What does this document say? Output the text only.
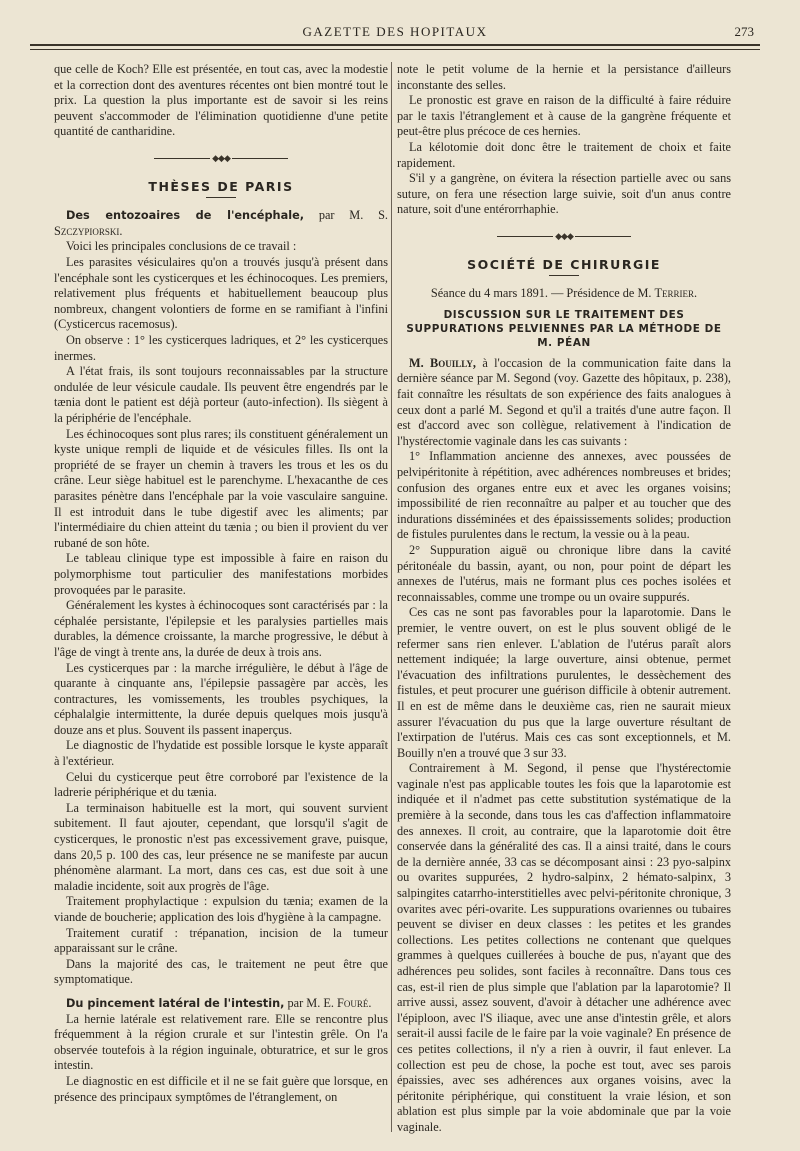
GAZETTE DES HOPITAUX	273

que celle de Koch? Elle est présentée, en tout cas, avec la modestie et la correction dont des aventures récentes ont bien montré tout le prix. La question la plus importante est de savoir si les reins peuvent s'accommoder de l'élimination quotidienne d'une petite quantité de cantharidine.

◆◆◆
THÈSES DE PARIS

Des entozoaires de l'encéphale, par M. S. Szczypiorski.

Voici les principales conclusions de ce travail :

Les parasites vésiculaires qu'on a trouvés jusqu'à présent dans l'encéphale sont les cysticerques et les échinocoques. Les premiers, relativement plus fréquents et habituellement beaucoup plus nombreux, changent volontiers de forme en se ramifiant à l'infini (Cysticercus racemosus).

On observe : 1° les cysticerques ladriques, et 2° les cysticerques inermes.

A l'état frais, ils sont toujours reconnaissables par la structure ondulée de leur vésicule caudale. Ils peuvent être engendrés par le tænia dont le patient est déjà porteur (auto-infection). Ils siègent à la périphérie de l'encéphale.

Les échinocoques sont plus rares; ils constituent généralement un kyste unique rempli de liquide et de vésicules filles. Ils ont la propriété de se frayer un chemin à travers les trous et les os du crâne. Leur siège habituel est le parenchyme. L'hexacanthe de ces parasites pénètre dans l'encéphale par la voie vasculaire sanguine. Il est introduit dans le tube digestif avec les aliments; par l'intermédiaire du chien atteint du tænia ; ou bien il provient du ver rubané de son hôte.

Le tableau clinique type est impossible à faire en raison du polymorphisme tout particulier des manifestations morbides provoquées par le parasite.

Généralement les kystes à échinocoques sont caractérisés par : la céphalée persistante, l'épilepsie et les paralysies partielles mais durables, la démence croissante, la marche progressive, le début à l'âge de vingt à trente ans, la durée de deux à trois ans.

Les cysticerques par : la marche irrégulière, le début à l'âge de quarante à cinquante ans, l'épilepsie passagère par accès, les contractures, les vomissements, les troubles psychiques, la céphalalgie intermittente, la durée depuis quelques mois jusqu'à douze ans et plus. Souvent ils passent inaperçus.

Le diagnostic de l'hydatide est possible lorsque le kyste apparaît à l'extérieur.

Celui du cysticerque peut être corroboré par l'existence de la ladrerie périphérique et du tænia.

La terminaison habituelle est la mort, qui souvent survient subitement. Il faut ajouter, cependant, que lorsqu'il s'agit de cysticerques, le pronostic n'est pas excessivement grave, puisque, dans 20,5 p. 100 des cas, leur présence ne se manifeste par aucun phénomène alarmant. La mort, dans ces cas, est due soit à une maladie incidente, soit aux progrès de l'âge.

Traitement prophylactique : expulsion du tænia; examen de la viande de boucherie; application des lois d'hygiène à la campagne.

Traitement curatif : trépanation, incision de la tumeur apparaissant sur le crâne.

Dans la majorité des cas, le traitement ne peut être que symptomatique.

Du pincement latéral de l'intestin, par M. E. Fouré.

La hernie latérale est relativement rare. Elle se rencontre plus fréquemment à la région crurale et sur l'intestin grêle. On l'a observée toutefois à la région inguinale, obturatrice, et sur le gros intestin.

Le diagnostic en est difficile et il ne se fait guère que lorsque, en présence des principaux symptômes de l'étranglement, on

note le petit volume de la hernie et la persistance d'ailleurs inconstante des selles.

Le pronostic est grave en raison de la difficulté à faire réduire par le taxis l'étranglement et à cause de la gangrène fréquente et peut-être plus précoce de ces hernies.

La kélotomie doit donc être le traitement de choix et faite rapidement.

S'il y a gangrène, on évitera la résection partielle avec ou sans suture, on fera une résection large suivie, soit d'un anus contre nature, soit d'une entérorrhaphie.

◆◆◆
SOCIÉTÉ DE CHIRURGIE
Séance du 4 mars 1891. — Présidence de M. Terrier.
DISCUSSION SUR LE TRAITEMENT DES SUPPURATIONS PELVIENNES PAR LA MÉTHODE DE M. PÉAN

M. Bouilly, à l'occasion de la communication faite dans la dernière séance par M. Segond (voy. Gazette des hôpitaux, p. 238), fait connaître les résultats de son expérience des faits analogues à ceux dont a parlé M. Segond et qu'il a traités d'une autre façon. Il est d'accord avec son collègue, relativement à l'indication de l'hystérectomie vaginale dans les cas suivants :

1° Inflammation ancienne des annexes, avec poussées de pelvipéritonite à répétition, avec adhérences nombreuses et brides; confusion des organes entre eux et avec les organes voisins; impossibilité de rien reconnaître au palper et au toucher que des indurations disséminées et des épaississements solides; production de fistules purulentes dans le rectum, la vessie ou à la peau.

2° Suppuration aiguë ou chronique libre dans la cavité péritonéale du bassin, ayant, ou non, pour point de départ les annexes de l'utérus, mais ne formant plus ces poches isolées et reconnaissables, comme une trompe ou un ovaire suppurés.

Ces cas ne sont pas favorables pour la laparotomie. Dans le premier, le ventre ouvert, on est le plus souvent obligé de le refermer sans rien enlever. L'ablation de l'utérus paraît alors nettement indiquée; la large ouverture, ainsi obtenue, permet l'évacuation des infiltrations purulentes, le dessèchement des fistules, et peut procurer une guérison difficile à obtenir autrement. Il en est de même dans le deuxième cas, rien ne saurait mieux assurer l'évacuation du pus que la large ouverture résultant de l'extirpation de l'utérus. Mais ces cas sont exceptionnels, et M. Bouilly n'en a trouvé que 3 sur 33.

Contrairement à M. Segond, il pense que l'hystérectomie vaginale n'est pas applicable toutes les fois que la laparotomie est indiquée et il n'admet pas cette substitution systématique de la première à la seconde, dans tous les cas d'affection inflammatoire des annexes. Il croit, au contraire, que la laparotomie doit être conservée dans la généralité des cas. Il a ainsi traité, dans le cours de la dernière année, 33 cas se décomposant ainsi : 23 pyo-salpinx ou ovarites suppurées, 2 hydro-salpinx, 2 hémato-salpinx, 3 salpingites catarrho-interstitielles avec pelvi-péritonite chronique, 3 ovarites avec péri-ovarite. Les suppurations ovariennes ou tubaires peuvent se diviser en deux classes : les petites et les grandes collections. Les petites collections ne contenant que quelques grammes à quelques cuillerées à bouche de pus, n'ayant que des adhérences peu solides, sont faciles à reconnaître. Dans tous ces cas, est-il rien de plus simple que l'ablation par la laparotomie? Il arrive aussi, assez souvent, d'avoir à détacher une adhérence avec l'épiploon, avec l'S iliaque, avec une anse d'intestin grêle, et alors serait-il aussi facile de le faire par la voie vaginale? En présence de ces petites collections, il n'y a rien à ouvrir, il faut enlever. La collection est peu de chose, la poche est tout, avec ses parois épaissies, avec ses adhérences aux organes voisins, avec la péritonite périphérique, qui constituent la vraie lésion, et son ablation est plus simple par la voie abdominale que par la voie vaginale.
